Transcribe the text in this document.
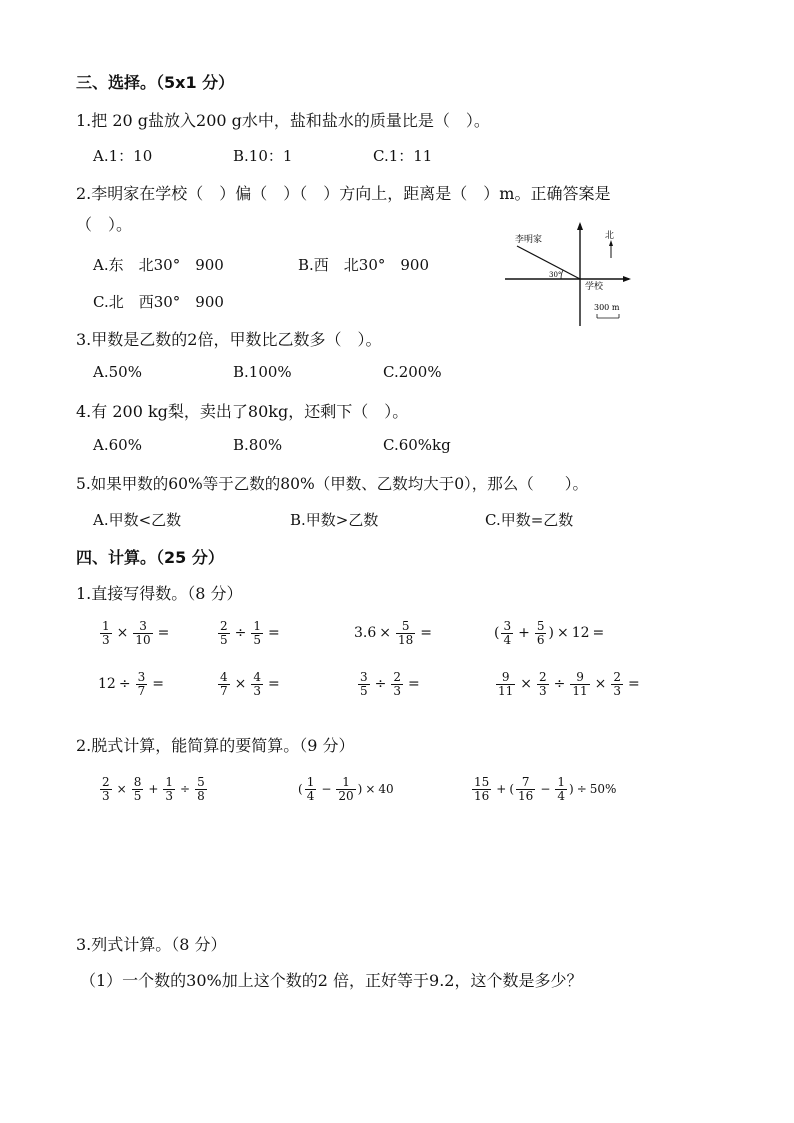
三、选择。（5x1 分）
1.把 20 g盐放入200 g水中，盐和盐水的质量比是（　）。
A.1：10	B.10：1	C.1：11
2.李明家在学校（　）偏（　）（　）方向上，距离是（　）m。正确答案是
（　）。
A.东　北30°　900	B.西　北30°　900
C.北　西30°　900
李明家	北
学校
30°
300 m
3.甲数是乙数的2倍，甲数比乙数多（　）。
A.50%	B.100%	C.200%
4.有 200 kg梨，卖出了80kg，还剩下（　）。
A.60%	B.80%	C.60%kg
5.如果甲数的60%等于乙数的80%（甲数、乙数均大于0），那么（　　）。
A.甲数<乙数	B.甲数>乙数	C.甲数=乙数
四、计算。（25 分）
1.直接写得数。（8 分）
$\frac{1}{3} \times \frac{3}{10}$ =	$\frac{2}{5} \div \frac{1}{5}$ =	$3.6 \times \frac{5}{18}$ =	( $\frac{3}{4} + \frac{5}{6}$ ) × 12 =
$12 \div \frac{3}{7}$ =	$\frac{4}{7} \times \frac{4}{3}$ =	$\frac{3}{5} \div \frac{2}{3}$ =	$\frac{9}{11} \times \frac{2}{3} \div \frac{9}{11} \times \frac{2}{3}$ =
2.脱式计算，能简算的要简算。（9 分）
$\frac{2}{3} \times \frac{8}{5} + \frac{1}{3} \div \frac{5}{8}$	( $\frac{1}{4} - \frac{1}{20}$ ) × 40	$\frac{15}{16}$ + ( $\frac{7}{16} - \frac{1}{4}$ ) ÷ 50%
3.列式计算。（8 分）
（1）一个数的30%加上这个数的2 倍，正好等于9.2，这个数是多少？
